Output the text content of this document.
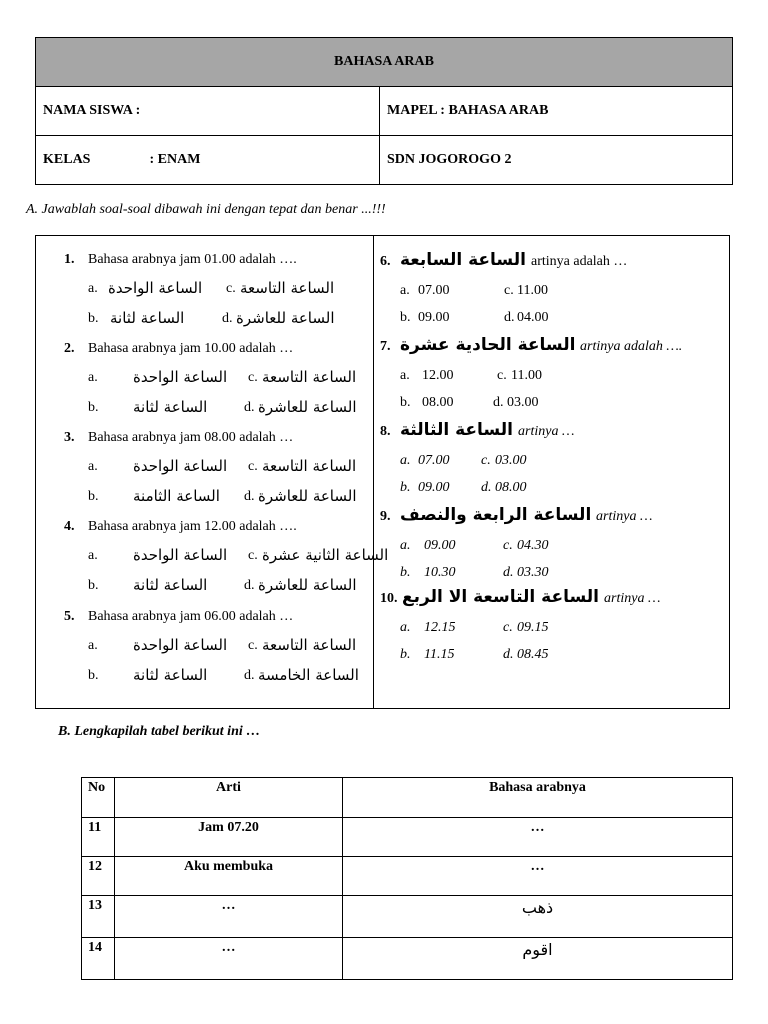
BAHASA ARAB	
NAMA SISWA :	MAPEL : BAHASA ARAB
KELAS : ENAM	SDN JOGOROGO 2
A. Jawablah soal-soal dibawah ini dengan tepat dan benar ...!!!
1. Bahasa arabnya jam 01.00 adalah ….
a. الساعة الواحدة c. الساعة التاسعة
b. الساعة لثانة	d. الساعة للعاشرة
2. Bahasa arabnya jam 10.00 adalah …
a. الساعة الواحدة c. الساعة التاسعة
b. الساعة لثانة	d. الساعة للعاشرة
3. Bahasa arabnya jam 08.00 adalah …
a. الساعة الواحدة c. الساعة التاسعة
b. الساعة الثامنة d. الساعة للعاشرة
4. Bahasa arabnya jam 12.00 adalah ….
a. الساعة الواحدة c. الساعة الثانية عشرة
b. الساعة لثانة	d. الساعة للعاشرة
5. Bahasa arabnya jam 06.00 adalah …
a. الساعة الواحدة c. الساعة التاسعة
b. الساعة لثانة	d. الساعة الخامسة
6. الساعة السابعة artinya adalah …
a. 07.00	c. 11.00
b. 09.00	d. 04.00
7. الساعة الحادية عشرة artinya adalah ….
a. 12.00	c. 11.00
b. 08.00	d. 03.00
8. الساعة الثالثة artinya …
a. 07.00 c. 03.00
b. 09.00 d. 08.00
9. الساعة الرابعة والنصف artinya …
a. 09.00	c. 04.30
b. 10.30	d. 03.30
10. الساعة التاسعة الا الربع artinya …
a. 12.15	c. 09.15
b. 11.15	d. 08.45
B. Lengkapilah tabel berikut ini …
No	Arti	Bahasa arabnya
11	Jam 07.20	…
12	Aku membuka	…
13	…	ذهب
14	…	اقوم
